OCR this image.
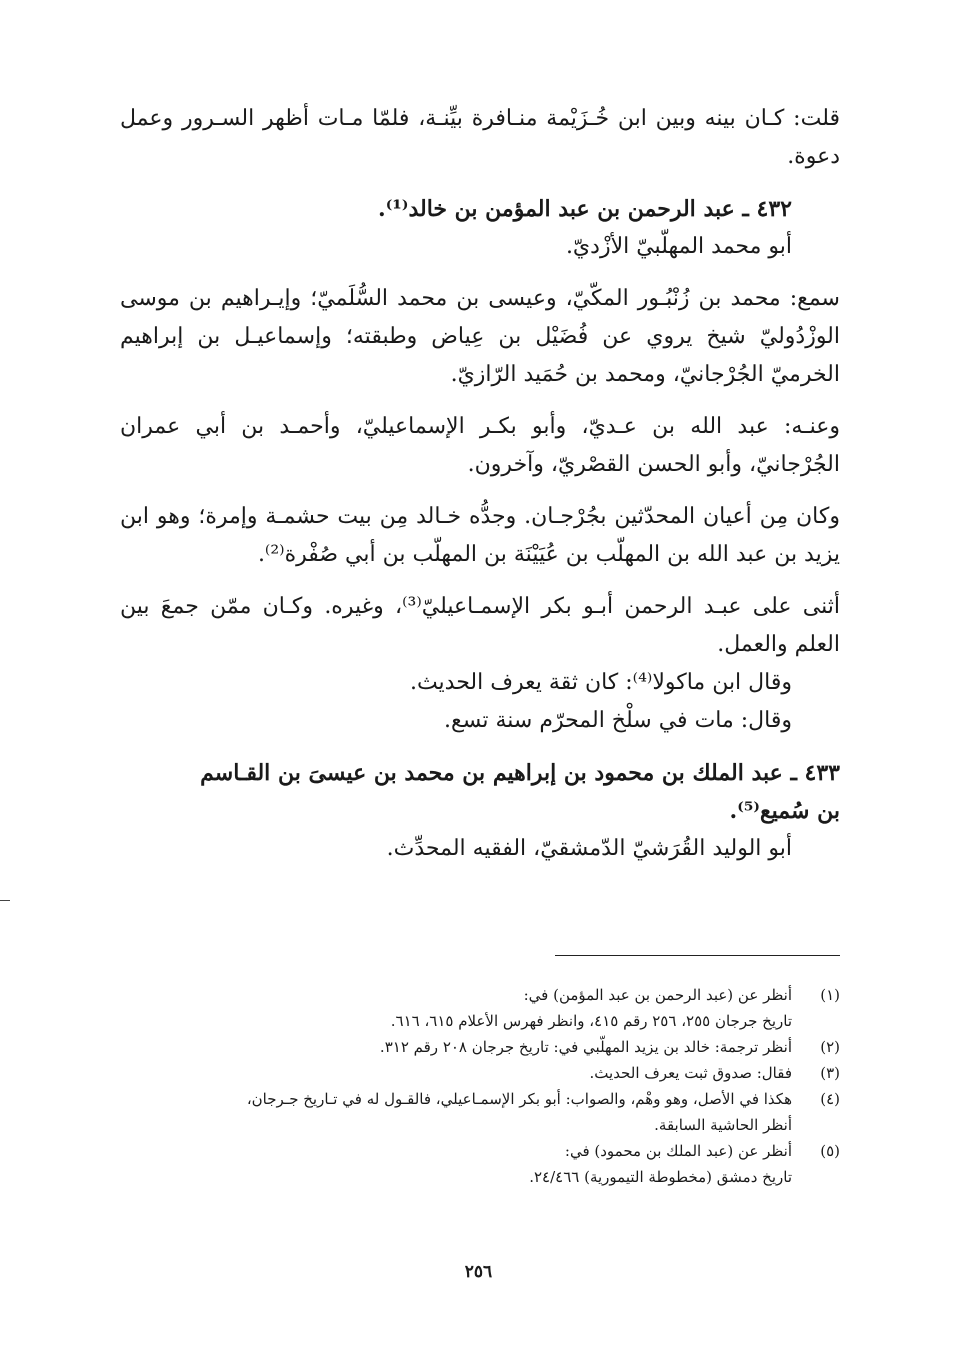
قلت: كـان بينه وبين ابن خُـزَيْمة منـافرة بيِّنـة، فلمّا مـات أظهر السـرور وعمل دعوة.

٤٣٢ ـ عبد الرحمن بن عبد المؤمن بن خالد⁽¹⁾.

أبو محمد المهلّبيّ الأزْديّ.

سمع: محمد بن زُنْبُـور المكّيّ، وعيسى بن محمد السُّلَميّ؛ وإيـراهيم بن موسى الوزْدُوليّ شيخ يروي عن فُضَيْل بن عِياض وطبقته؛ وإسماعيـل بن إبراهيم الخرميّ الجُرْجانيّ، ومحمد بن حُمَيد الرّازيّ.

وعنـه: عبد الله بن عـديّ، وأبو بكـر الإسماعيليّ، وأحمـد بن أبي عمران الجُرْجانيّ، وأبو الحسن القصْريّ، وآخرون.

وكان مِن أعيان المحدّثين بجُرْجـان. وجدُّه خـالد مِن بيت حشمـة وإمرة؛ وهو ابن يزيد بن عبد الله بن المهلّب بن عُيَيْنَة بن المهلّب بن أبي صُفْرة⁽²⁾.

أثنى على عبـد الرحمن أبـو بكر الإسمـاعيليّ⁽³⁾، وغيره. وكـان ممّن جمعَ بين العلم والعمل.

وقال ابن ماكولا⁽⁴⁾: كان ثقة يعرف الحديث.

وقال: مات في سلْخ المحرّم سنة تسع.

٤٣٣ ـ عبد الملك بن محمود بن إبراهيم بن محمد بن عيسىَ بن القـاسم

بن سُميع⁽⁵⁾.

أبو الوليد القُرَشيّ الدّمشقيّ، الفقيه المحدِّث.

(١)
أنظر عن (عبد الرحمن بن عبد المؤمن) في:
تاريخ جرجان ٢٥٥، ٢٥٦ رقم ٤١٥، وانظر فهرس الأعلام ٦١٥، ٦١٦.
(٢)
أنظر ترجمة: خالد بن يزيد المهلّبي في: تاريخ جرجان ٢٠٨ رقم ٣١٢.
(٣)
فقال: صدوق ثبت يعرف الحديث.
(٤)
هكذا في الأصل، وهو وهْم، والصواب: أبو بكر الإسمـاعيلي، فالقـول له في تـاريخ جـرجان،
أنظر الحاشية السابقة.
(٥)
أنظر عن (عبد الملك بن محمود) في:
تاريخ دمشق (مخطوطة التيمورية) ٢٤/٤٦٦.
٢٥٦
